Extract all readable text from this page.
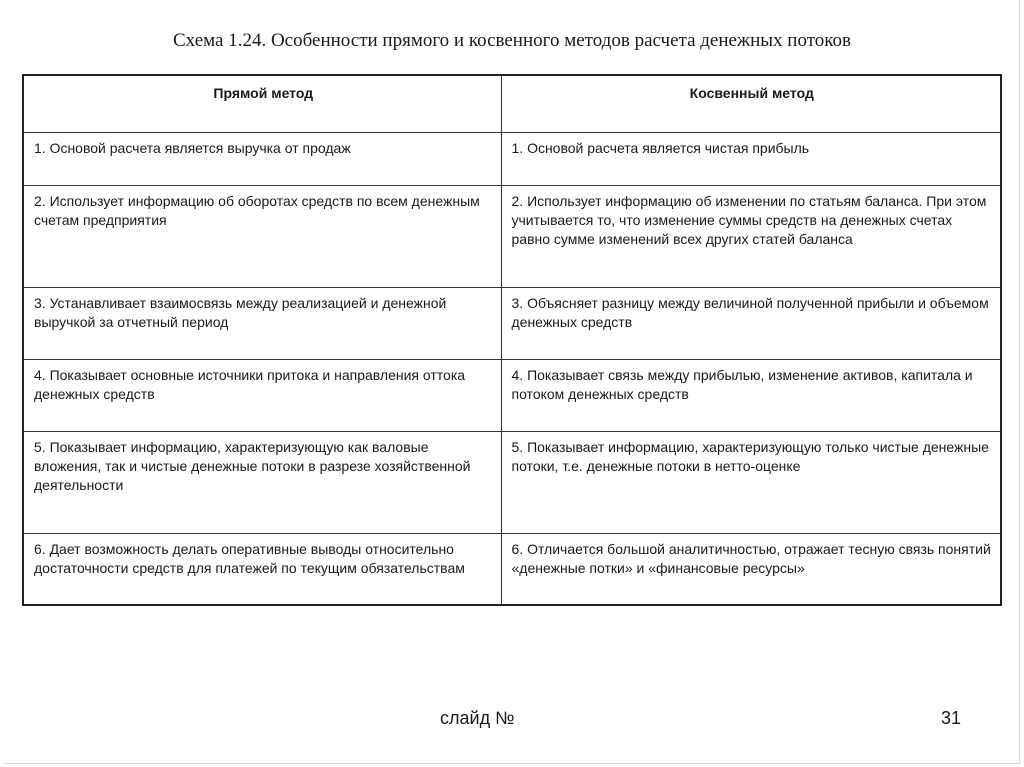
Схема 1.24. Особенности прямого и косвенного методов расчета денежных потоков
Прямой метод	Косвенный метод
1. Основой расчета является выручка от продаж	1. Основой расчета является чистая прибыль
2. Использует информацию об оборотах средств по всем денежным счетам предприятия	2. Использует информацию об изменении по статьям баланса. При этом учитывается то, что изменение суммы средств на денежных счетах равно сумме изменений всех других статей баланса
3. Устанавливает взаимосвязь между реализацией и денежной выручкой за отчетный период	3. Объясняет разницу между величиной полученной прибыли и объемом денежных средств
4. Показывает основные источники притока и направления оттока денежных средств	4. Показывает связь между прибылью, изменение активов, капитала и потоком денежных средств
5. Показывает информацию, характеризующую как валовые вложения, так и чистые денежные потоки в разрезе хозяйственной деятельности	5. Показывает информацию, характеризующую только чистые денежные потоки, т.е. денежные потоки в нетто-оценке
6. Дает возможность делать оперативные выводы относительно достаточности средств для платежей по текущим обязательствам	6. Отличается большой аналитичностью, отражает тесную связь понятий «денежные потки» и «финансовые ресурсы»
слайд №	31
